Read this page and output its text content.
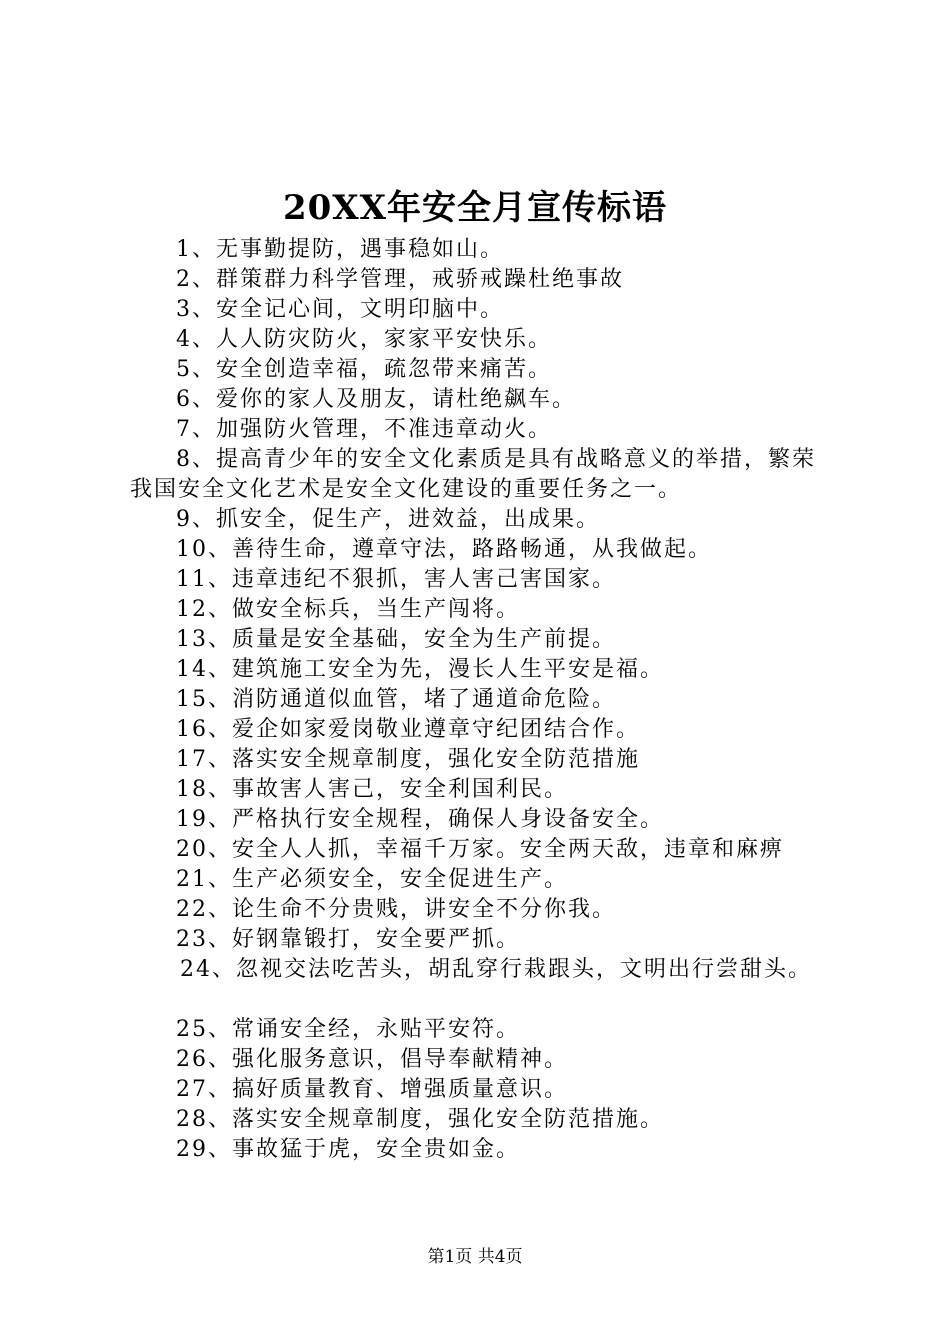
20XX年安全月宣传标语
1、无事勤提防，遇事稳如山。
2、群策群力科学管理，戒骄戒躁杜绝事故
3、安全记心间，文明印脑中。
4、人人防灾防火，家家平安快乐。
5、安全创造幸福，疏忽带来痛苦。
6、爱你的家人及朋友，请杜绝飙车。
7、加强防火管理，不准违章动火。
8、提高青少年的安全文化素质是具有战略意义的举措，繁荣我国安全文化艺术是安全文化建设的重要任务之一。
9、抓安全，促生产，进效益，出成果。
10、善待生命，遵章守法，路路畅通，从我做起。
11、违章违纪不狠抓，害人害己害国家。
12、做安全标兵，当生产闯将。
13、质量是安全基础，安全为生产前提。
14、建筑施工安全为先，漫长人生平安是福。
15、消防通道似血管，堵了通道命危险。
16、爱企如家爱岗敬业遵章守纪团结合作。
17、落实安全规章制度，强化安全防范措施
18、事故害人害己，安全利国利民。
19、严格执行安全规程，确保人身设备安全。
20、安全人人抓，幸福千万家。安全两天敌，违章和麻痹
21、生产必须安全，安全促进生产。
22、论生命不分贵贱，讲安全不分你我。
23、好钢靠锻打，安全要严抓。
24、忽视交法吃苦头，胡乱穿行栽跟头，文明出行尝甜头。
25、常诵安全经，永贴平安符。
26、强化服务意识，倡导奉献精神。
27、搞好质量教育、增强质量意识。
28、落实安全规章制度，强化安全防范措施。
29、事故猛于虎，安全贵如金。
第1页 共4页
